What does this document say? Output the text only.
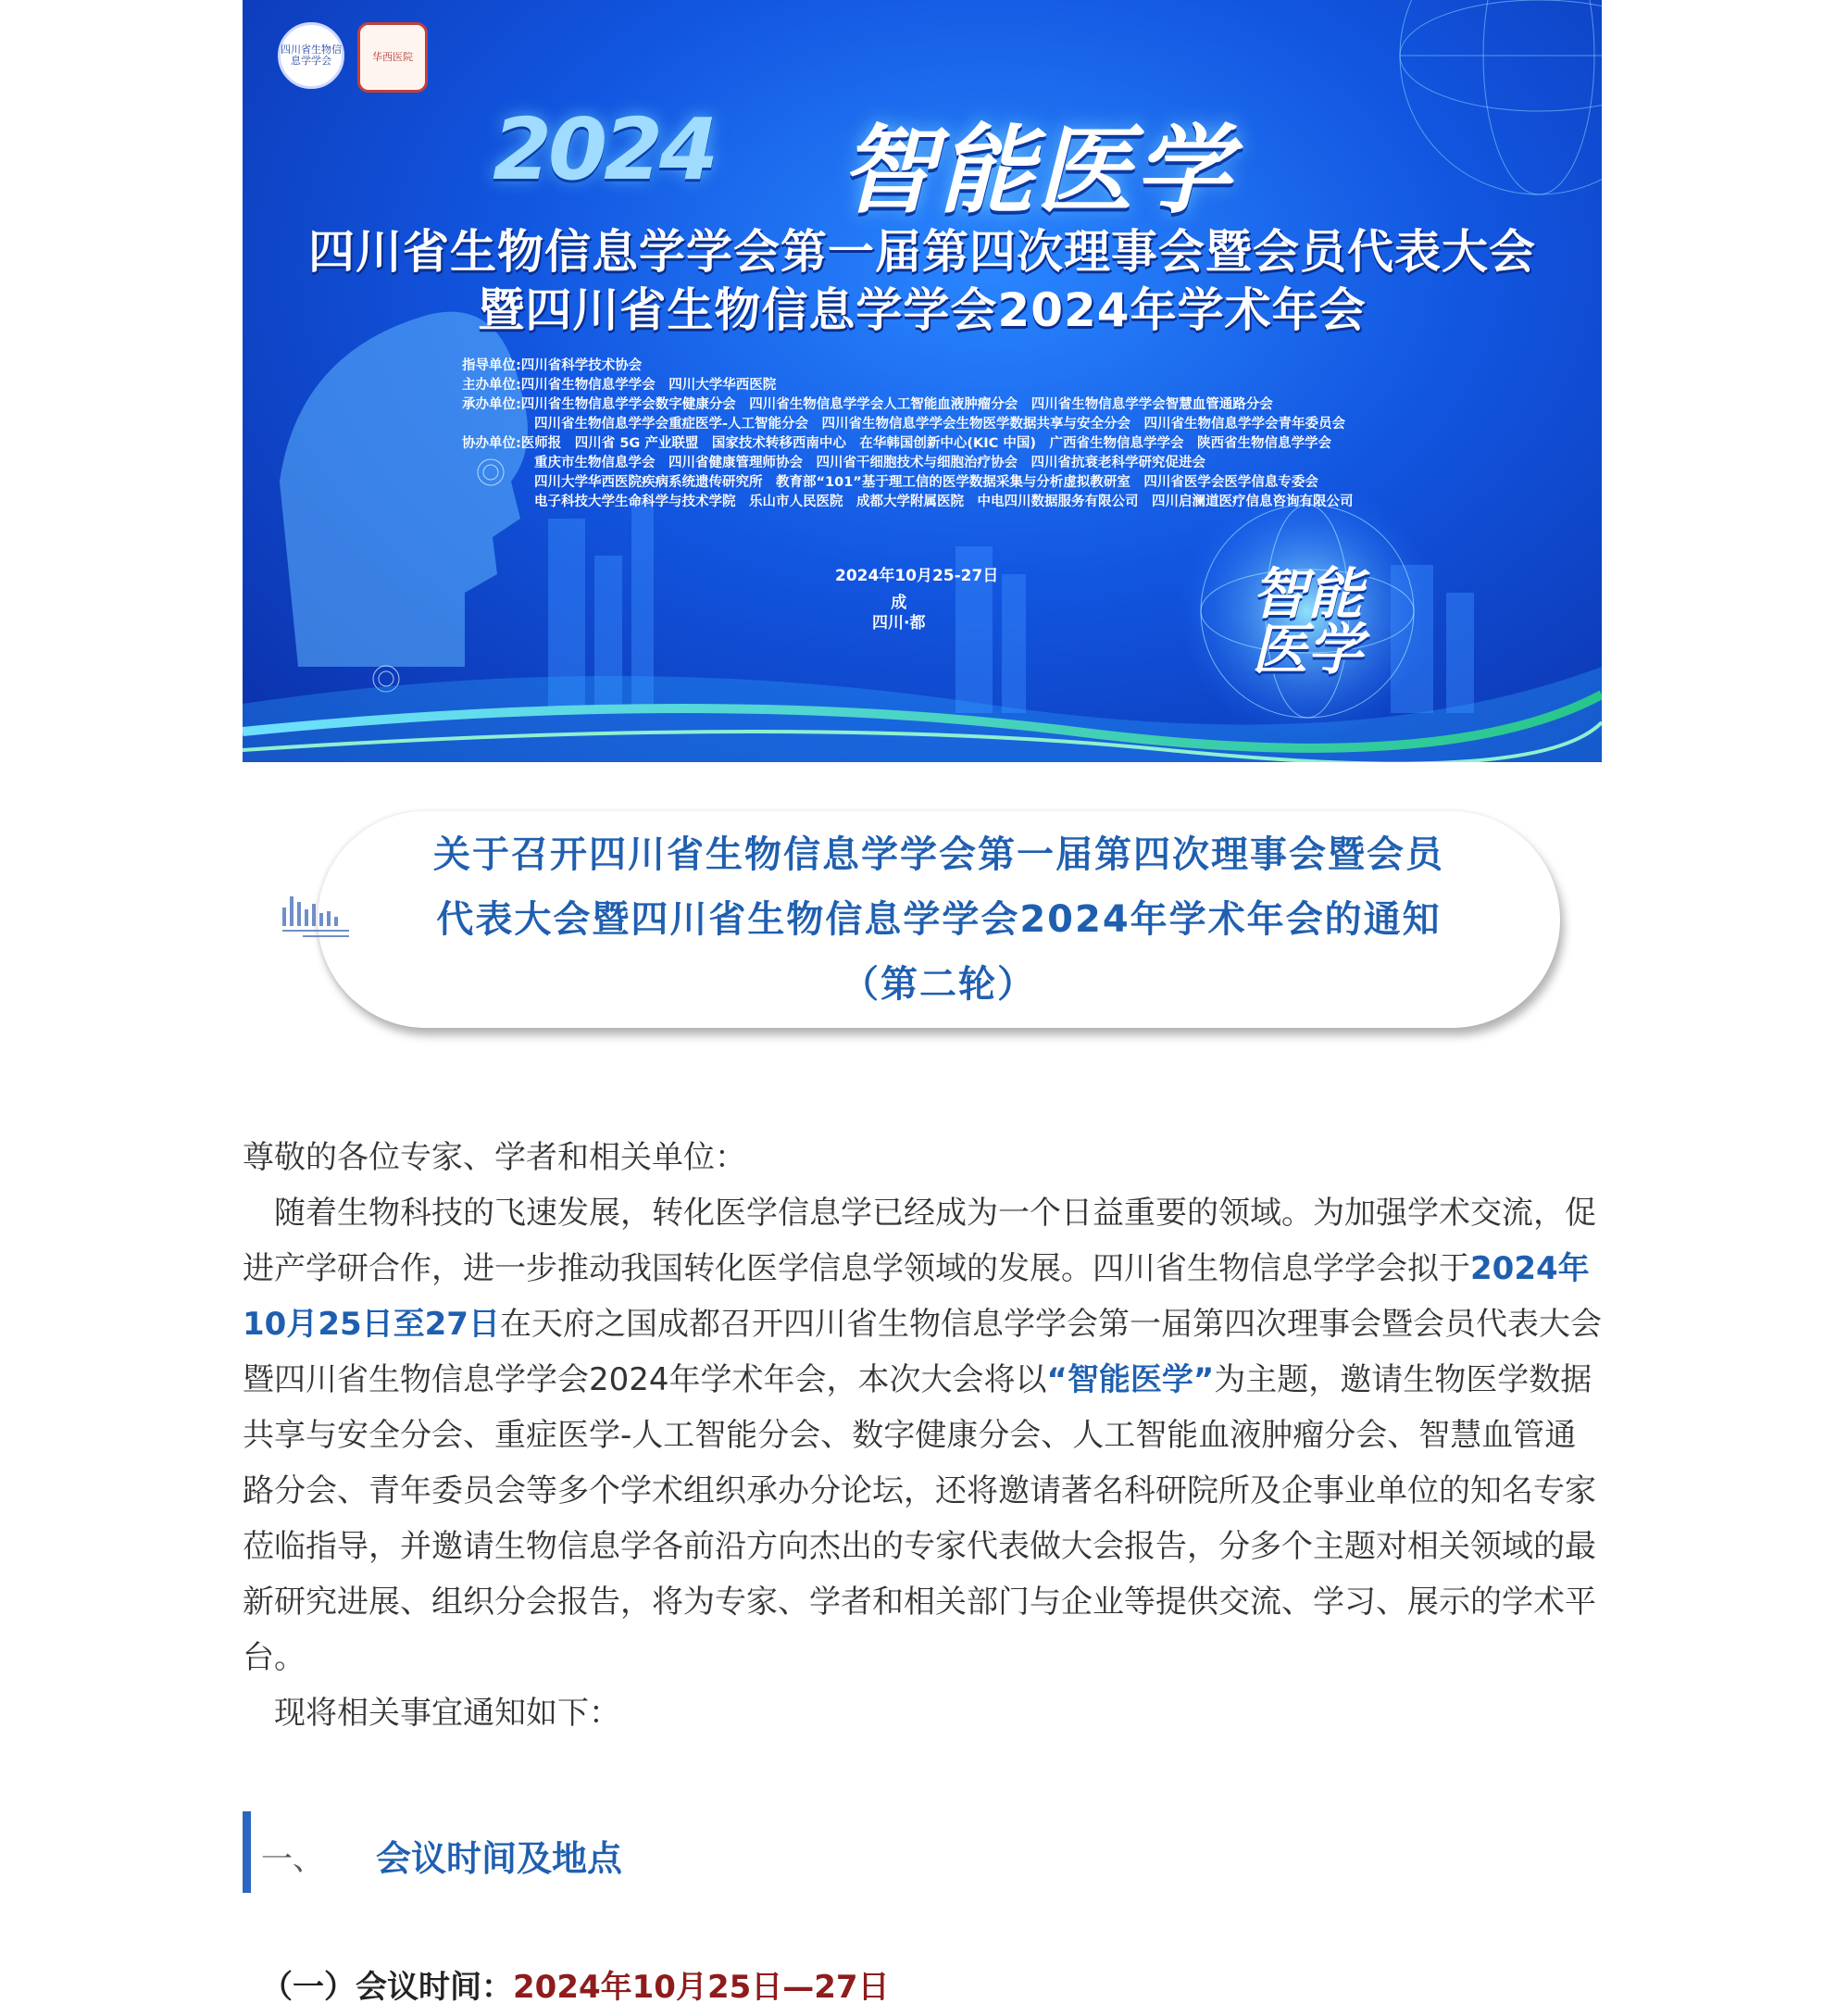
四川省生物信息学学会	华西医院
2024 智能医学
四川省生物信息学学会第一届第四次理事会暨会员代表大会
暨四川省生物信息学学会2024年学术年会
指导单位:四川省科学技术协会
主办单位:四川省生物信息学学会　四川大学华西医院
承办单位:四川省生物信息学学会数字健康分会　四川省生物信息学学会人工智能血液肿瘤分会　四川省生物信息学学会智慧血管通路分会
四川省生物信息学学会重症医学-人工智能分会　四川省生物信息学学会生物医学数据共享与安全分会　四川省生物信息学学会青年委员会
协办单位:医师报　四川省 5G 产业联盟　国家技术转移西南中心　在华韩国创新中心(KIC 中国)　广西省生物信息学学会　陕西省生物信息学学会
重庆市生物信息学会　四川省健康管理师协会　四川省干细胞技术与细胞治疗协会　四川省抗衰老科学研究促进会
四川大学华西医院疾病系统遗传研究所　教育部“101”基于理工信的医学数据采集与分析虚拟教研室　四川省医学会医学信息专委会
电子科技大学生命科学与技术学院　乐山市人民医院　成都大学附属医院　中电四川数据服务有限公司　四川启澜道医疗信息咨询有限公司
2024年10月25-27日
成
四川·都	智能
医学
关于召开四川省生物信息学学会第一届第四次理事会暨会员
代表大会暨四川省生物信息学学会2024年学术年会的通知
（第二轮）

尊敬的各位专家、学者和相关单位：

随着生物科技的飞速发展，转化医学信息学已经成为一个日益重要的领域。为加强学术交流，促进产学研合作，进一步推动我国转化医学信息学领域的发展。四川省生物信息学学会拟于2024年10月25日至27日在天府之国成都召开四川省生物信息学学会第一届第四次理事会暨会员代表大会暨四川省生物信息学学会2024年学术年会，本次大会将以“智能医学”为主题，邀请生物医学数据共享与安全分会、重症医学-人工智能分会、数字健康分会、人工智能血液肿瘤分会、智慧血管通路分会、青年委员会等多个学术组织承办分论坛，还将邀请著名科研院所及企事业单位的知名专家莅临指导，并邀请生物信息学各前沿方向杰出的专家代表做大会报告，分多个主题对相关领域的最新研究进展、组织分会报告，将为专家、学者和相关部门与企业等提供交流、学习、展示的学术平台。

现将相关事宜通知如下：

一、 会议时间及地点
（一）会议时间：2024年10月25日—27日
